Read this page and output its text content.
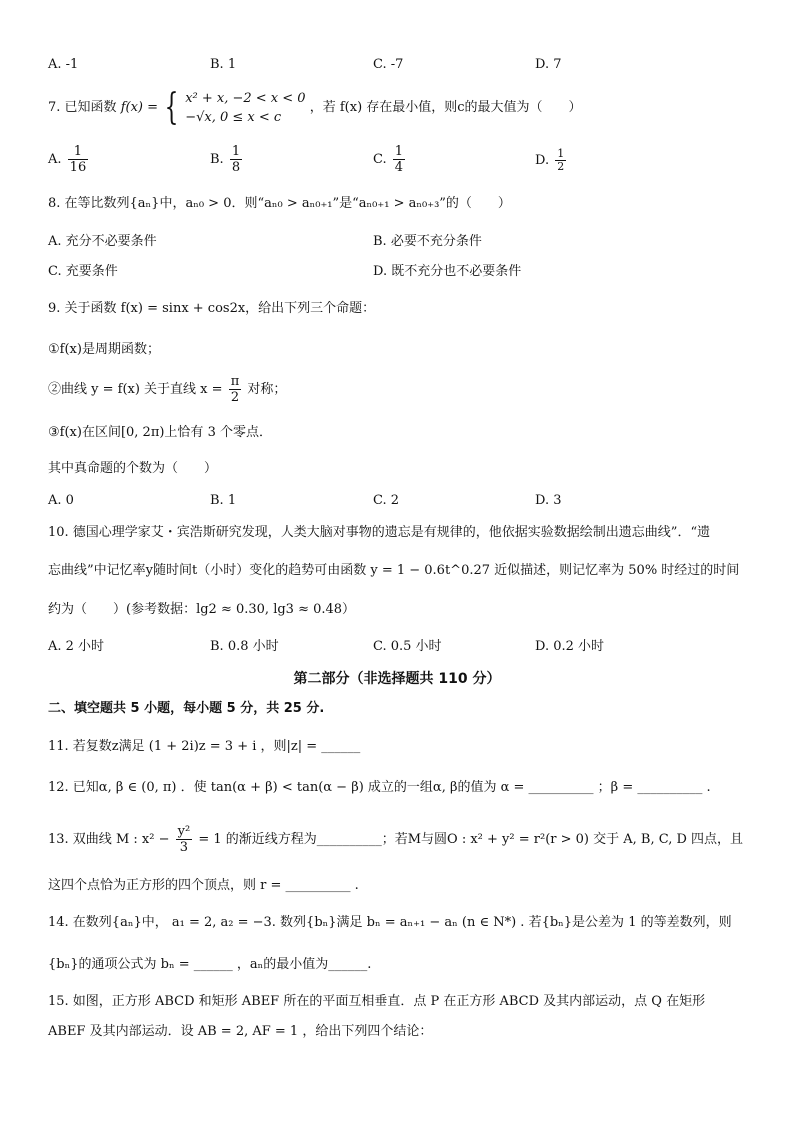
A. -1	B. 1	C. -7	D. 7
7. 已知函数 f(x) = { x² + x, −2 < x < 0
−√x, 0 ≤ x < c
，若 f(x) 存在最小值，则c的最大值为（　　）
A. $\frac{1}{16}$	B. $\frac{1}{8}$	C. $\frac{1}{4}$	D. $\frac{1}{2}$
8. 在等比数列{aₙ}中，aₙ₀ > 0．则“aₙ₀ > aₙ₀₊₁”是“aₙ₀₊₁ > aₙ₀₊₃”的（　　）
A. 充分不必要条件	B. 必要不充分条件
C. 充要条件	D. 既不充分也不必要条件
9. 关于函数 f(x) = sinx + cos2x，给出下列三个命题：
①f(x)是周期函数；
②曲线 y = f(x) 关于直线 $x = \frac{\pi}{2}$ 对称；
③f(x)在区间[0, 2π)上恰有 3 个零点．
其中真命题的个数为（　　）
A. 0	B. 1	C. 2	D. 3
10. 德国心理学家艾・宾浩斯研究发现，人类大脑对事物的遗忘是有规律的，他依据实验数据绘制出遗忘曲线”．“遗
忘曲线”中记忆率y随时间t（小时）变化的趋势可由函数 y = 1 − 0.6t^0.27 近似描述，则记忆率为 50% 时经过的时间
约为（　　）(参考数据：lg2 ≈ 0.30, lg3 ≈ 0.48）
A. 2 小时	B. 0.8 小时	C. 0.5 小时	D. 0.2 小时
第二部分（非选择题共 110 分）
二、填空题共 5 小题，每小题 5 分，共 25 分.
11. 若复数z满足 (1 + 2i)z = 3 + i ，则|z| = ______
12. 已知α, β ∈ (0, π) ．使 tan(α + β) < tan(α − β) 成立的一组α, β的值为 α = __________ ；β = __________ .
13. 双曲线 M : $x^2 - \frac{\text{y²}}{3} = 1$ 的渐近线方程为__________；若M与圆O : x² + y² = r²(r > 0) 交于 A, B, C, D 四点，且
这四个点恰为正方形的四个顶点，则 r = __________ .
14. 在数列{aₙ}中， a₁ = 2, a₂ = −3. 数列{bₙ}满足 bₙ = aₙ₊₁ − aₙ (n ∈ N*) . 若{bₙ}是公差为 1 的等差数列，则
{bₙ}的通项公式为 bₙ = ______ ，aₙ的最小值为______.
15. 如图，正方形 ABCD 和矩形 ABEF 所在的平面互相垂直．点 P 在正方形 ABCD 及其内部运动，点 Q 在矩形
ABEF 及其内部运动．设 AB = 2, AF = 1 ，给出下列四个结论：
